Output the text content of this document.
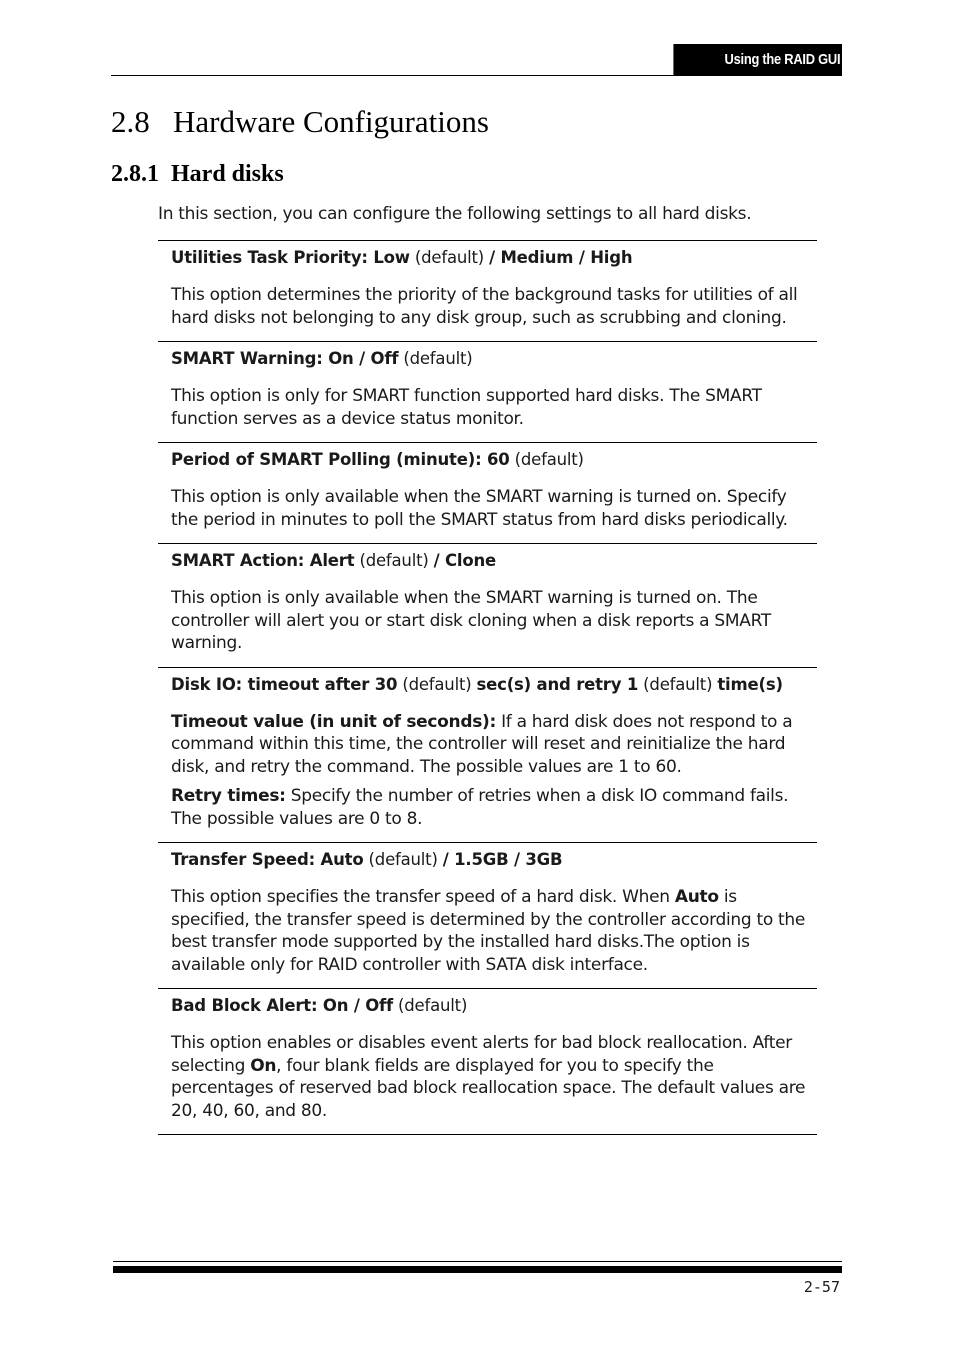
Using the RAID GUI
2.8   Hardware Configurations
2.8.1  Hard disks

In this section, you can configure the following settings to all hard disks.

Utilities Task Priority: Low (default) / Medium / High

This option determines the priority of the background tasks for utilities of all hard disks not belonging to any disk group, such as scrubbing and cloning.

SMART Warning: On / Off (default)

This option is only for SMART function supported hard disks. The SMART function serves as a device status monitor.

Period of SMART Polling (minute): 60 (default)

This option is only available when the SMART warning is turned on. Specify the period in minutes to poll the SMART status from hard disks periodically.

SMART Action: Alert (default) / Clone

This option is only available when the SMART warning is turned on. The controller will alert you or start disk cloning when a disk reports a SMART warning.

Disk IO: timeout after 30 (default) sec(s) and retry 1 (default) time(s)

Timeout value (in unit of seconds): If a hard disk does not respond to a command within this time, the controller will reset and reinitialize the hard disk, and retry the command. The possible values are 1 to 60.

Retry times: Specify the number of retries when a disk IO command fails. The possible values are 0 to 8.

Transfer Speed: Auto (default) / 1.5GB / 3GB

This option specifies the transfer speed of a hard disk. When Auto is specified, the transfer speed is determined by the controller according to the best transfer mode supported by the installed hard disks.The option is available only for RAID controller with SATA disk interface.

Bad Block Alert: On / Off (default)

This option enables or disables event alerts for bad block reallocation. After selecting On, four blank fields are displayed for you to specify the percentages of reserved bad block reallocation space. The default values are 20, 40, 60, and 80.

2-57
